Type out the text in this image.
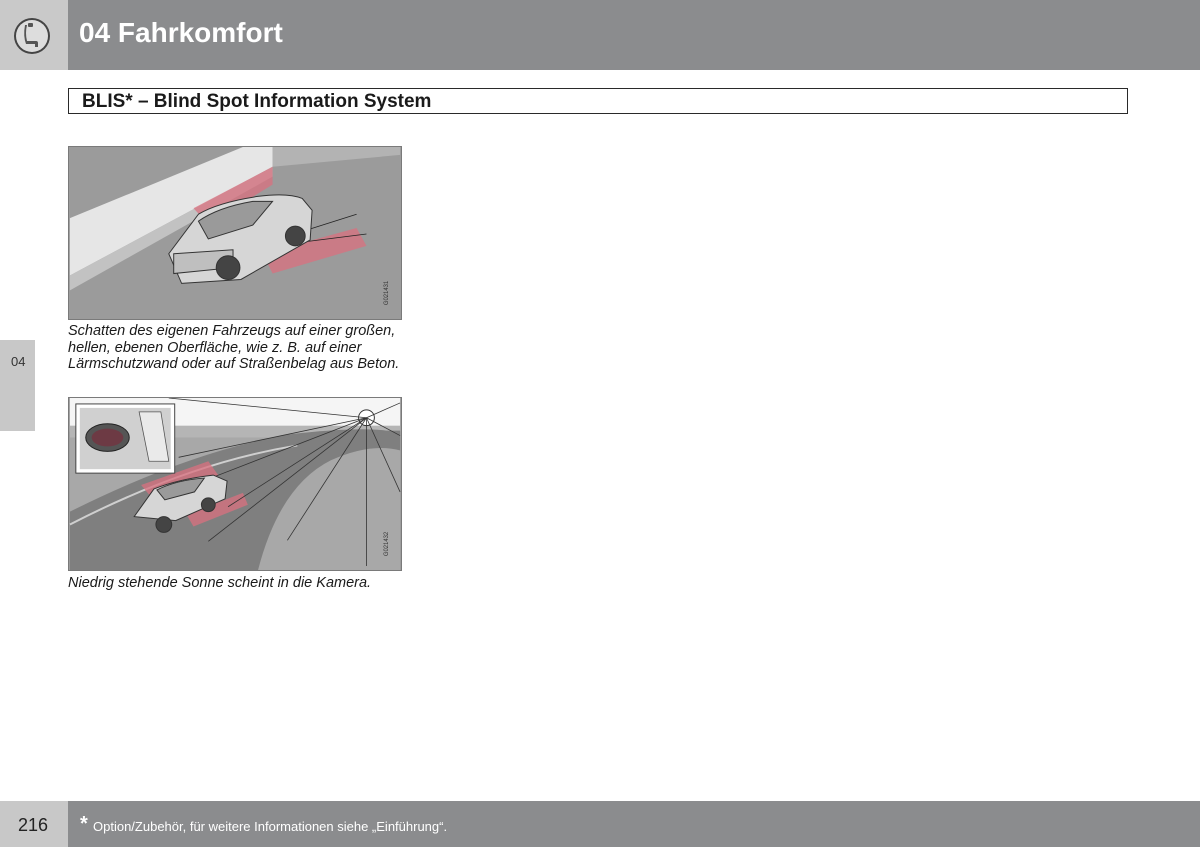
04 Fahrkomfort
BLIS* – Blind Spot Information System
04
G021431

Schatten des eigenen Fahrzeugs auf einer großen, hellen, ebenen Oberfläche, wie z. B. auf einer Lärmschutzwand oder auf Straßenbelag aus Beton.

G021432

Niedrig stehende Sonne scheint in die Kamera.

216 * Option/Zubehör, für weitere Informationen siehe „Einführung“.
